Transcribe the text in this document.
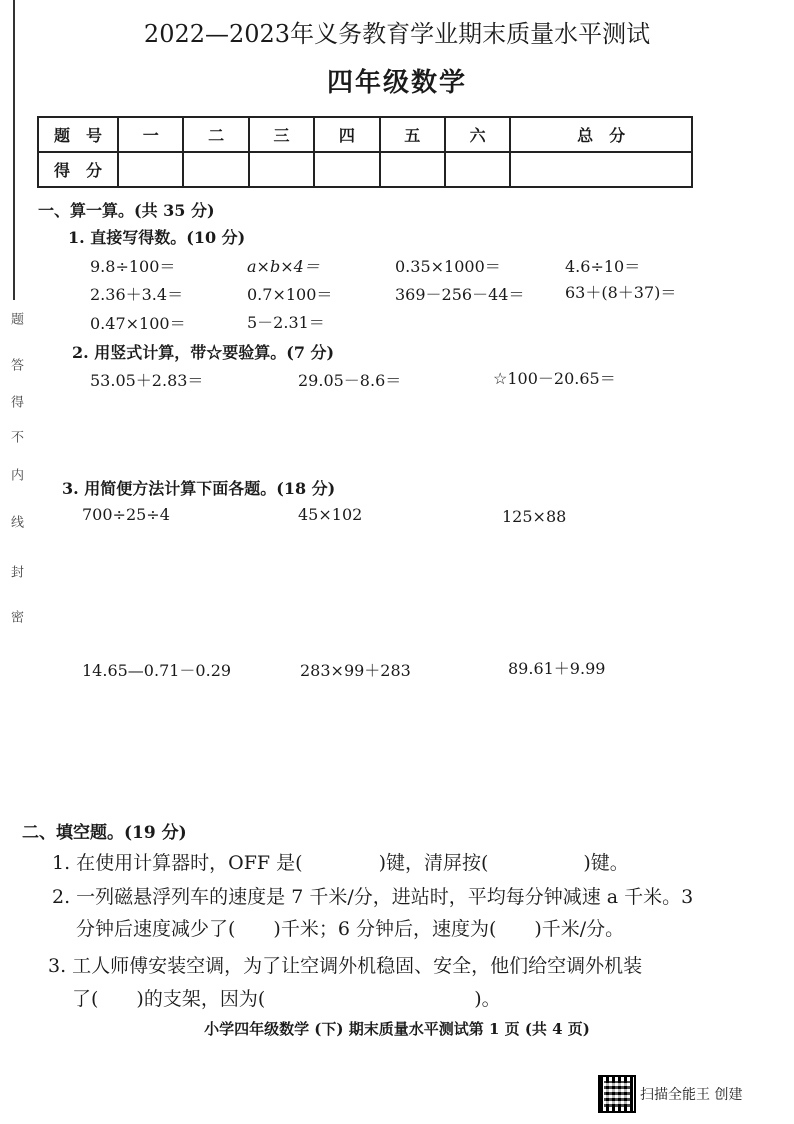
题
答
得
不
内
线
封
密
2022—2023年义务教育学业期末质量水平测试
四年级数学
题　号	一	二	三	四	五	六	总　分
得　分							
一、算一算。(共 35 分)
1. 直接写得数。(10 分)
9.8÷100＝	a×b×4＝	0.35×1000＝	4.6÷10＝
2.36＋3.4＝	0.7×100＝	369－256－44＝	63＋(8＋37)＝
0.47×100＝	5－2.31＝
2. 用竖式计算，带☆要验算。(7 分)
53.05＋2.83＝	29.05－8.6＝	☆100－20.65＝
3. 用简便方法计算下面各题。(18 分)
700÷25÷4	45×102	125×88
14.65—0.71－0.29	283×99＋283	89.61＋9.99
二、填空题。(19 分)
1. 在使用计算器时，OFF 是(　　　　)键，清屏按(　　　　　)键。
2. 一列磁悬浮列车的速度是 7 千米/分，进站时，平均每分钟减速 a 千米。3
分钟后速度减少了(　　)千米；6 分钟后，速度为(　　)千米/分。
3. 工人师傅安装空调，为了让空调外机稳固、安全，他们给空调外机装
了(　　)的支架，因为(　　　　　　　　　　　)。
小学四年级数学 (下) 期末质量水平测试第 1 页 (共 4 页)
扫描全能王 创建
